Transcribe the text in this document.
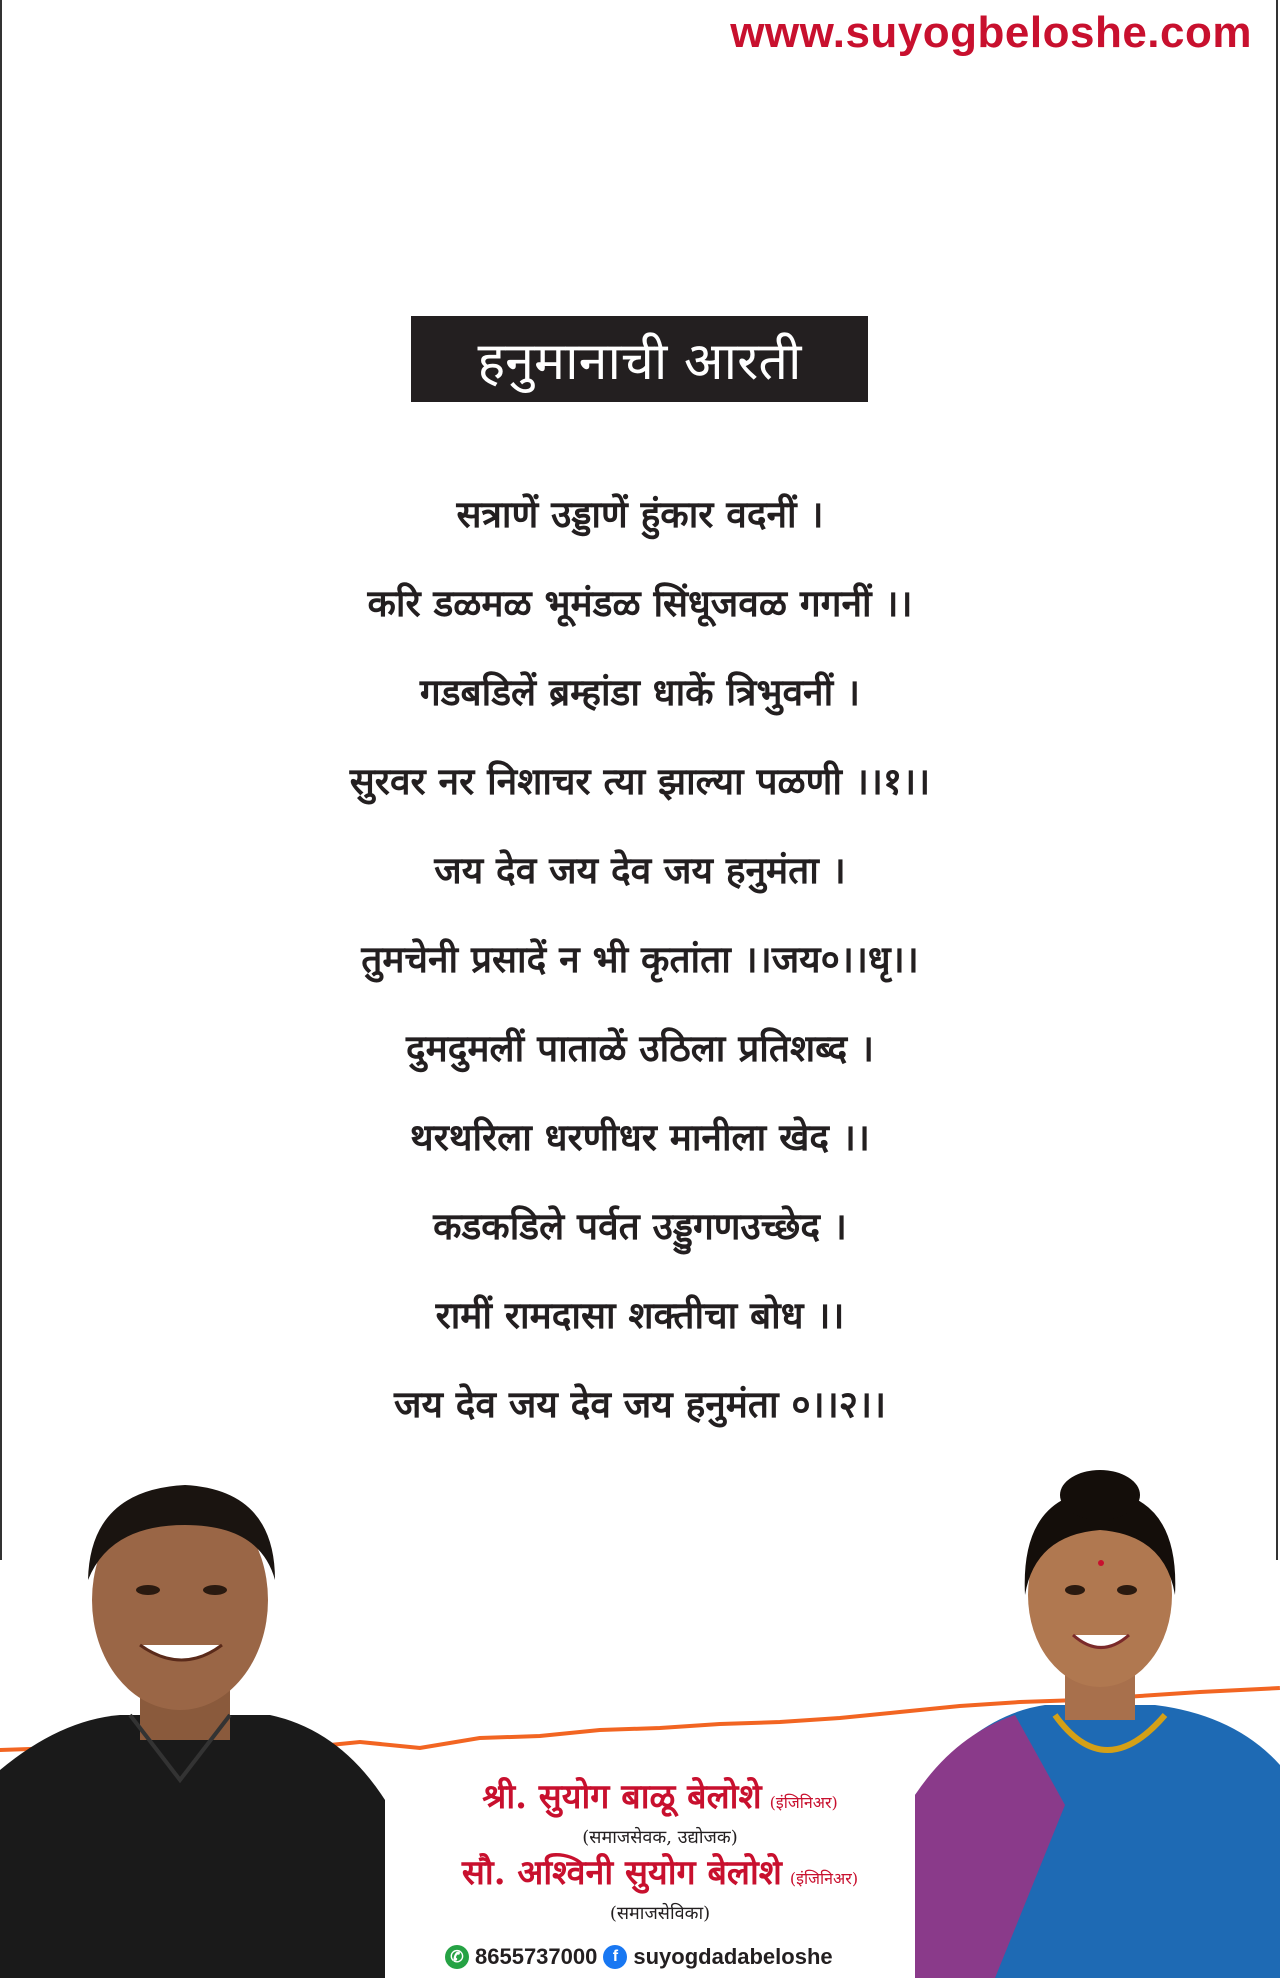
www.suyogbeloshe.com
हनुमानाची आरती
सत्राणें उड्डाणें हुंकार वदनीं ।
करि डळमळ भूमंडळ सिंधूजवळ गगनीं ।।
गडबडिलें ब्रम्हांडा धाकें त्रिभुवनीं ।
सुरवर नर निशाचर त्या झाल्या पळणी ।।१।।
जय देव जय देव जय हनुमंता ।
तुमचेनी प्रसादें न भी कृतांता ।।जय०।।धृ।।
दुमदुमलीं पाताळें उठिला प्रतिशब्द ।
थरथरिला धरणीधर मानीला खेद ।।
कडकडिले पर्वत उड्डुगणउच्छेद ।
रामीं रामदासा शक्तीचा बोध ।।
जय देव जय देव जय हनुमंता ०।।२।।
श्री. सुयोग बाळू बेलोशे (इंजिनिअर)
(समाजसेवक, उद्योजक)
सौ. अश्विनी सुयोग बेलोशे (इंजिनिअर)
(समाजसेविका)
✆ 8655737000 f suyogdadabeloshe
